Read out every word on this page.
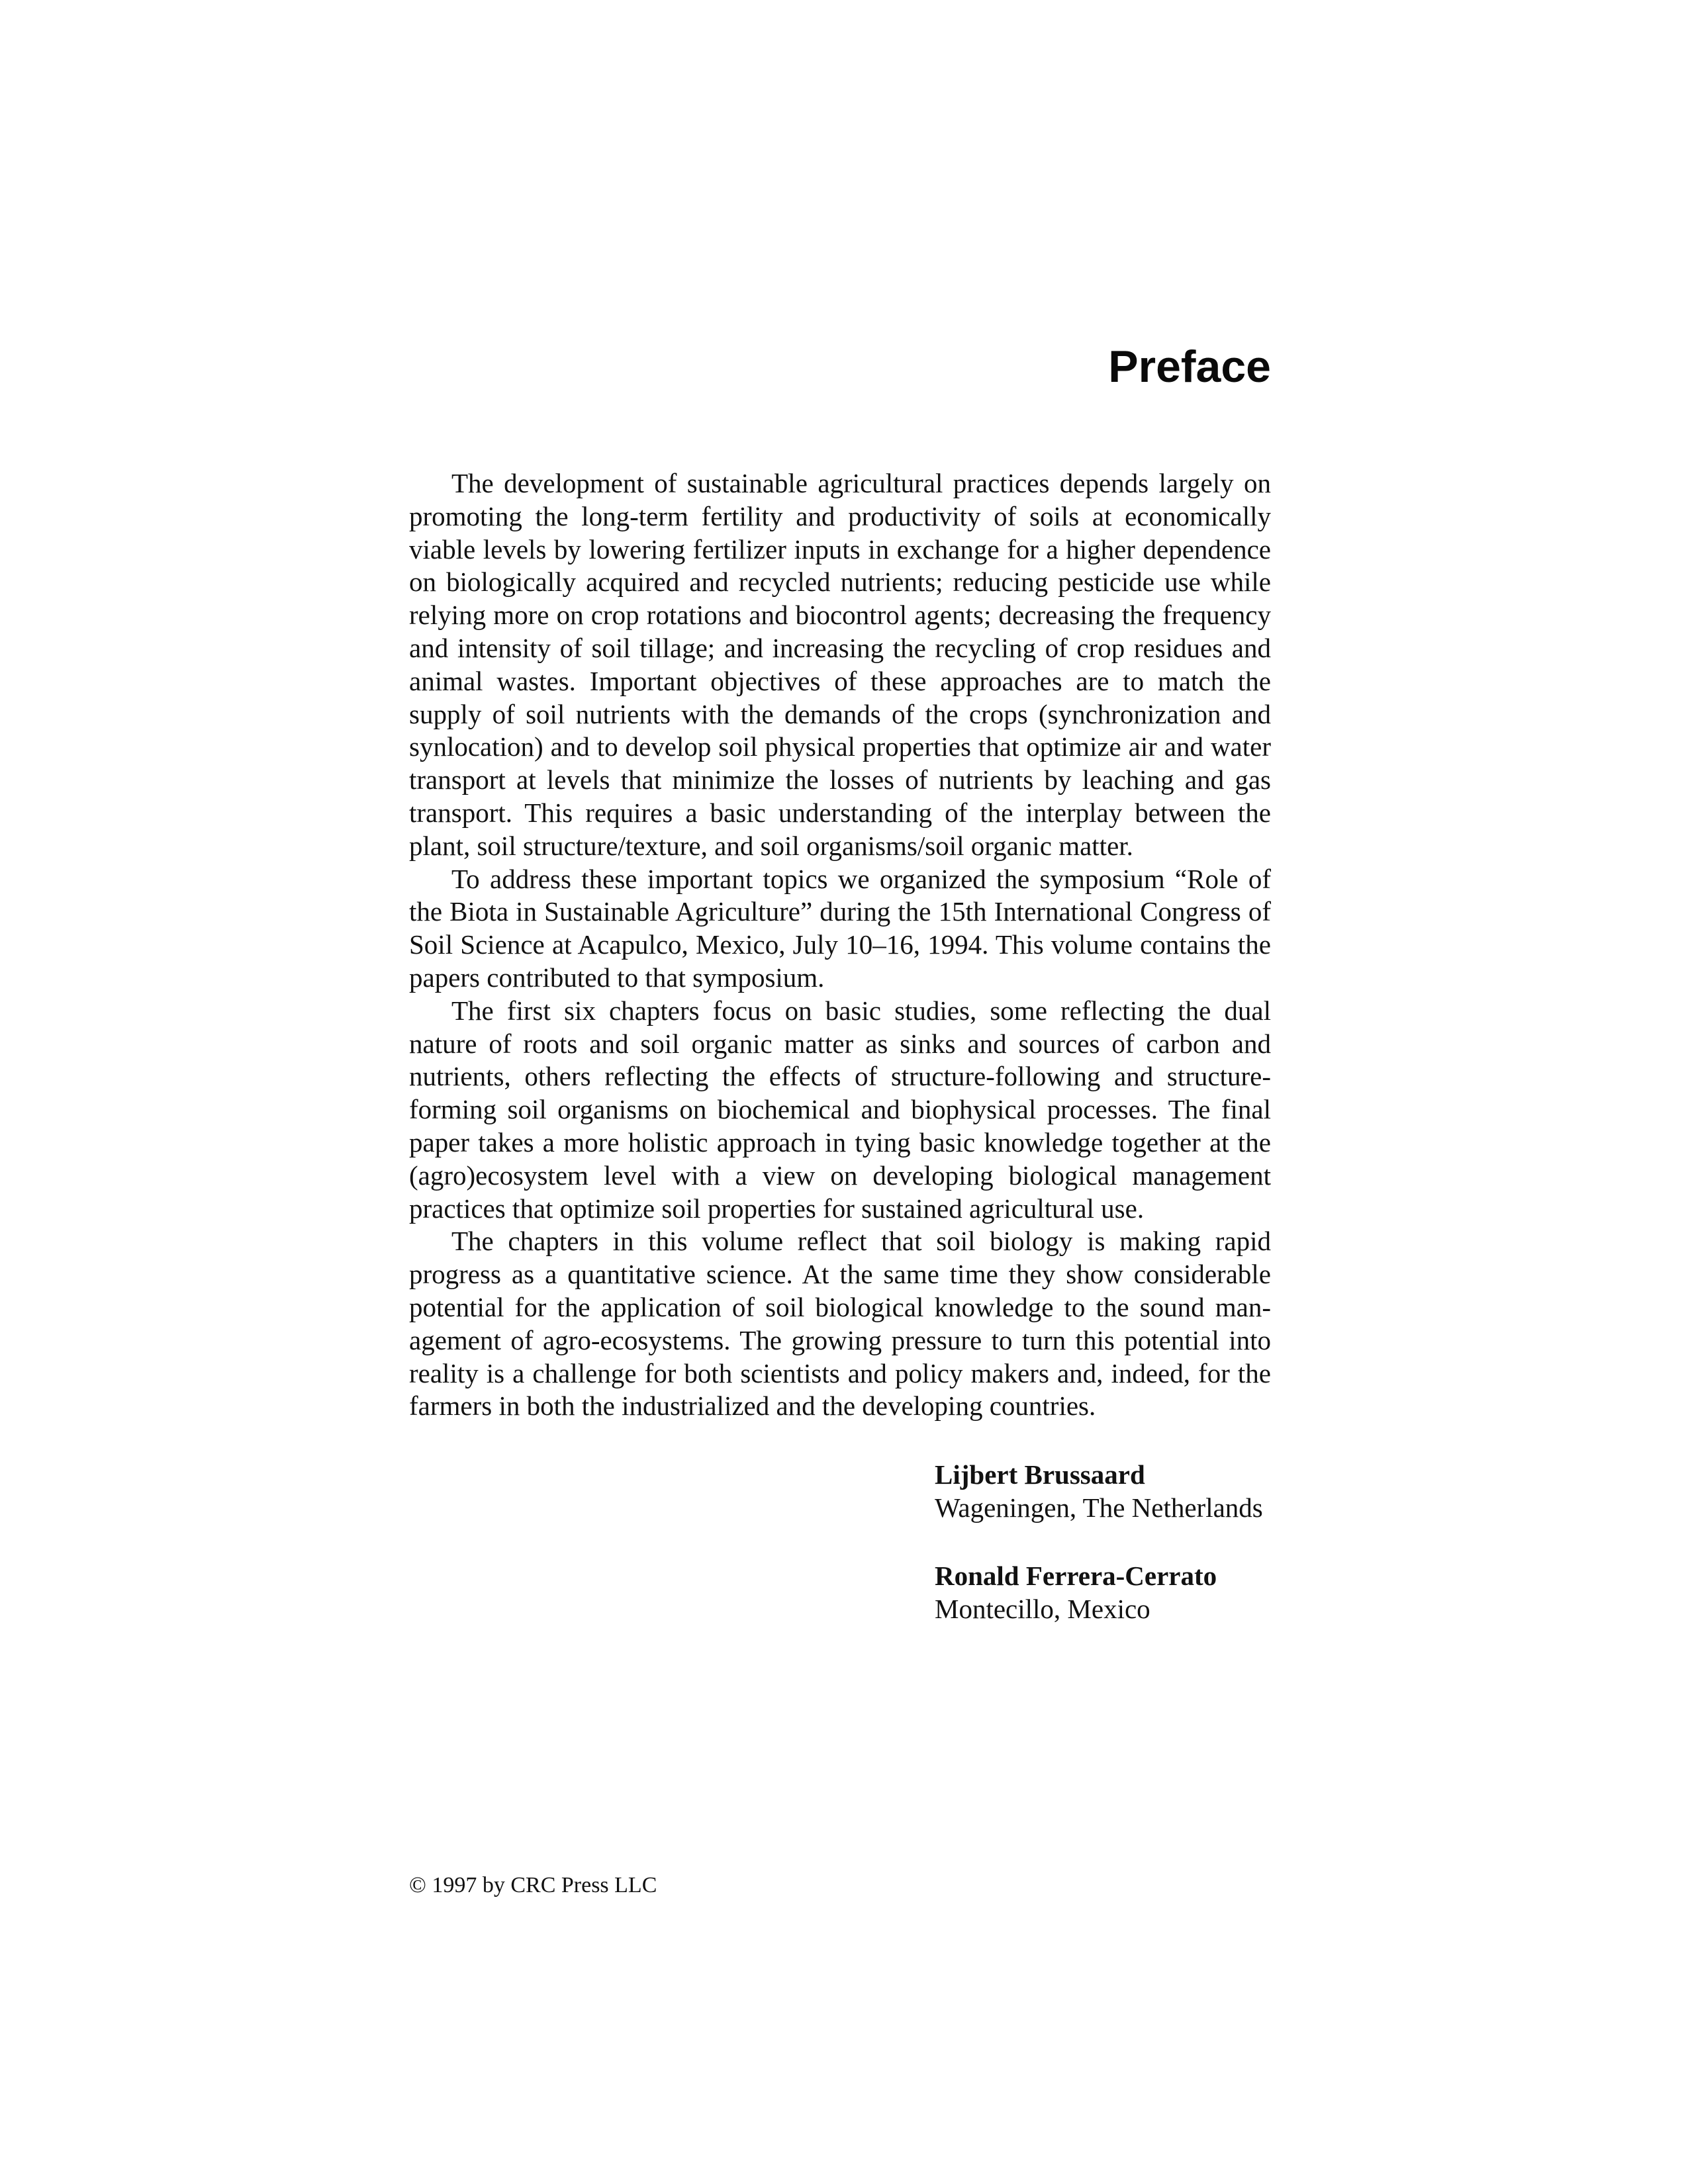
Preface

The development of sustainable agricultural practices depends largely on promoting the long-term fertility and productivity of soils at economically viable levels by lowering fertilizer inputs in exchange for a higher dependence on biologically acquired and recycled nutrients; reducing pesticide use while relying more on crop rotations and biocontrol agents; decreasing the frequency and intensity of soil tillage; and increasing the recycling of crop residues and animal wastes. Important objectives of these approaches are to match the supply of soil nutrients with the demands of the crops (synchronization and synlocation) and to develop soil physical properties that optimize air and water transport at levels that minimize the losses of nutrients by leaching and gas transport. This requires a basic understanding of the interplay between the plant, soil structure/texture, and soil organisms/soil organic matter.

To address these important topics we organized the symposium “Role of the Biota in Sustainable Agriculture” during the 15th International Congress of Soil Science at Acapulco, Mexico, July 10–16, 1994. This volume contains the papers contributed to that symposium.

The first six chapters focus on basic studies, some reflecting the dual nature of roots and soil organic matter as sinks and sources of carbon and nutrients, others reflecting the effects of structure-following and structure-forming soil organisms on biochemical and biophysical processes. The final paper takes a more holistic approach in tying basic knowledge together at the (agro)ecosystem level with a view on developing biological management practices that optimize soil properties for sustained agricultural use.

The chapters in this volume reflect that soil biology is making rapid progress as a quantitative science. At the same time they show considerable potential for the application of soil biological knowledge to the sound management of agro-ecosystems. The growing pressure to turn this potential into reality is a challenge for both scientists and policy makers and, indeed, for the farmers in both the industrialized and the developing countries.

Lijbert Brussaard
Wageningen, The Netherlands
Ronald Ferrera-Cerrato
Montecillo, Mexico
© 1997 by CRC Press LLC
